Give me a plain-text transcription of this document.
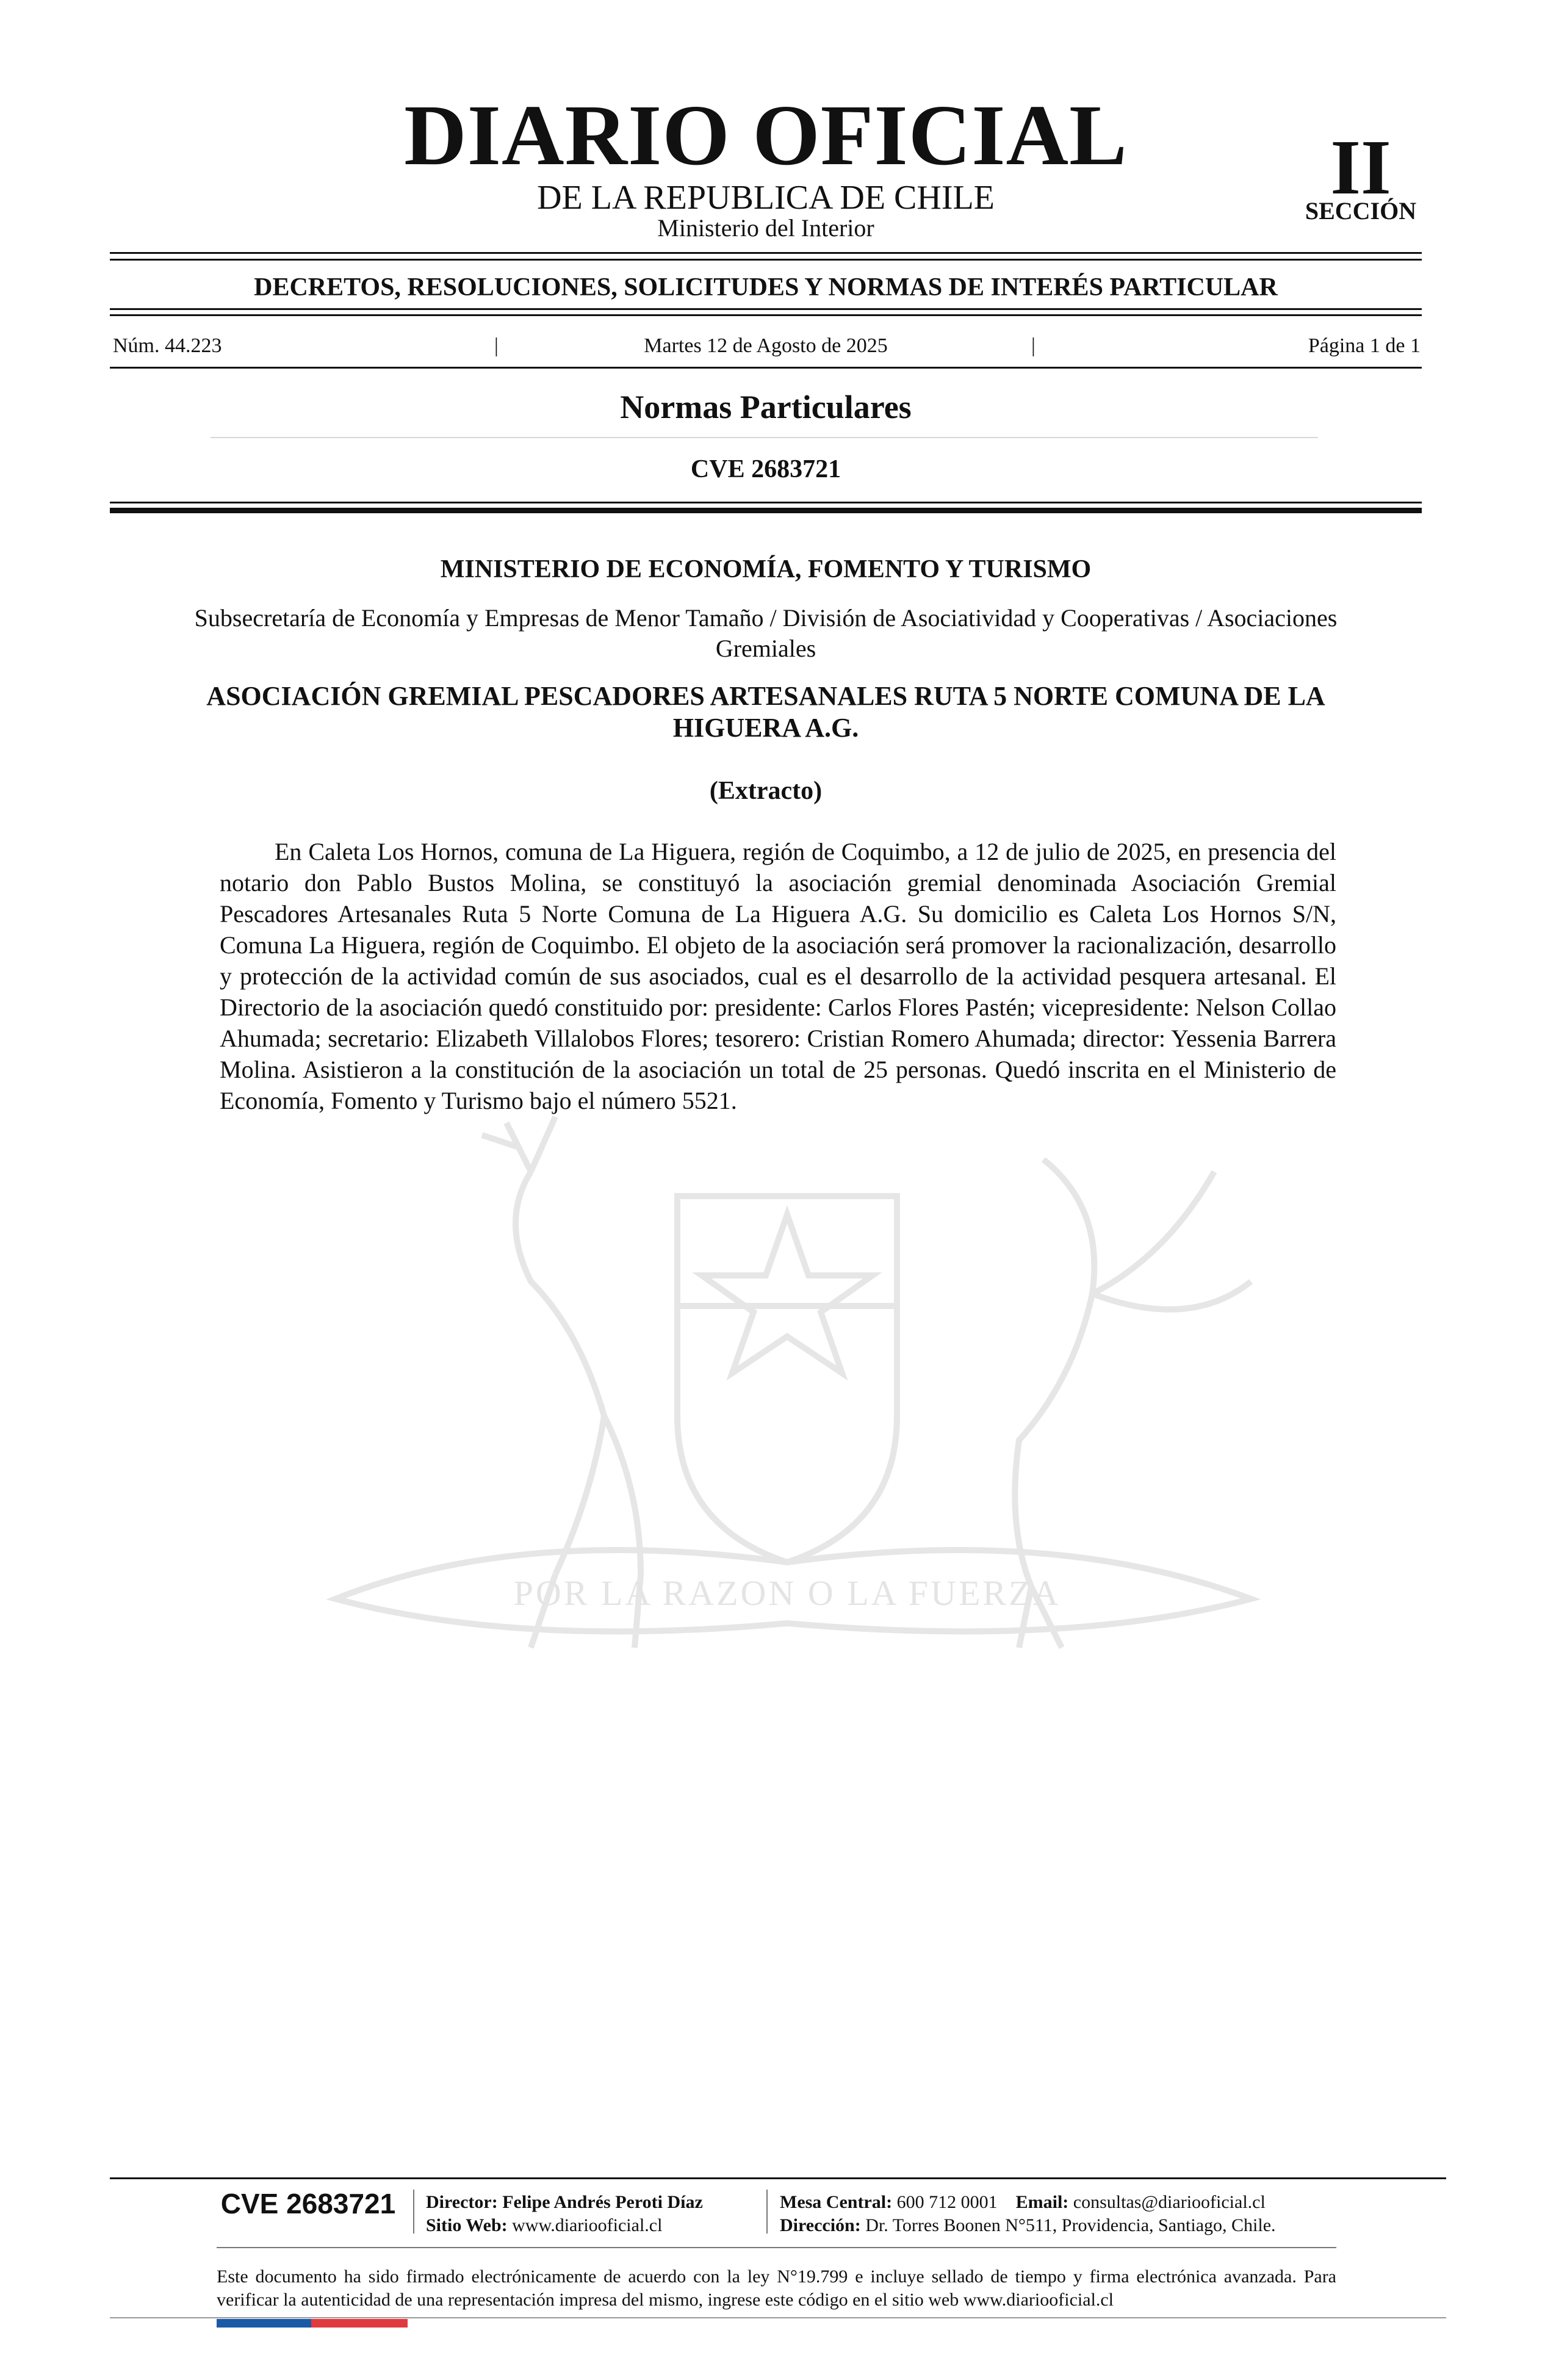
DIARIO OFICIAL
DE LA REPUBLICA DE CHILE
Ministerio del Interior
II
SECCIÓN
DECRETOS, RESOLUCIONES, SOLICITUDES Y NORMAS DE INTERÉS PARTICULAR
Núm. 44.223	|	Martes 12 de Agosto de 2025	|	Página 1 de 1
Normas Particulares
CVE 2683721
POR LA RAZON O LA FUERZA
MINISTERIO DE ECONOMÍA, FOMENTO Y TURISMO
Subsecretaría de Economía y Empresas de Menor Tamaño / División de Asociatividad y Cooperativas / Asociaciones Gremiales
ASOCIACIÓN GREMIAL PESCADORES ARTESANALES RUTA 5 NORTE COMUNA DE LA HIGUERA A.G.
(Extracto)
En Caleta Los Hornos, comuna de La Higuera, región de Coquimbo, a 12 de julio de 2025, en presencia del notario don Pablo Bustos Molina, se constituyó la asociación gremial denominada Asociación Gremial Pescadores Artesanales Ruta 5 Norte Comuna de La Higuera A.G. Su domicilio es Caleta Los Hornos S/N, Comuna La Higuera, región de Coquimbo. El objeto de la asociación será promover la racionalización, desarrollo y protección de la actividad común de sus asociados, cual es el desarrollo de la actividad pesquera artesanal. El Directorio de la asociación quedó constituido por: presidente: Carlos Flores Pastén; vicepresidente: Nelson Collao Ahumada; secretario: Elizabeth Villalobos Flores; tesorero: Cristian Romero Ahumada; director: Yessenia Barrera Molina. Asistieron a la constitución de la asociación un total de 25 personas. Quedó inscrita en el Ministerio de Economía, Fomento y Turismo bajo el número 5521.
CVE 2683721	Director: Felipe Andrés Peroti Díaz
Sitio Web: www.diariooficial.cl
Mesa Central: 600 712 0001 Email: consultas@diariooficial.cl
Dirección: Dr. Torres Boonen N°511, Providencia, Santiago, Chile.
Este documento ha sido firmado electrónicamente de acuerdo con la ley N°19.799 e incluye sellado de tiempo y firma electrónica avanzada. Para verificar la autenticidad de una representación impresa del mismo, ingrese este código en el sitio web www.diariooficial.cl
